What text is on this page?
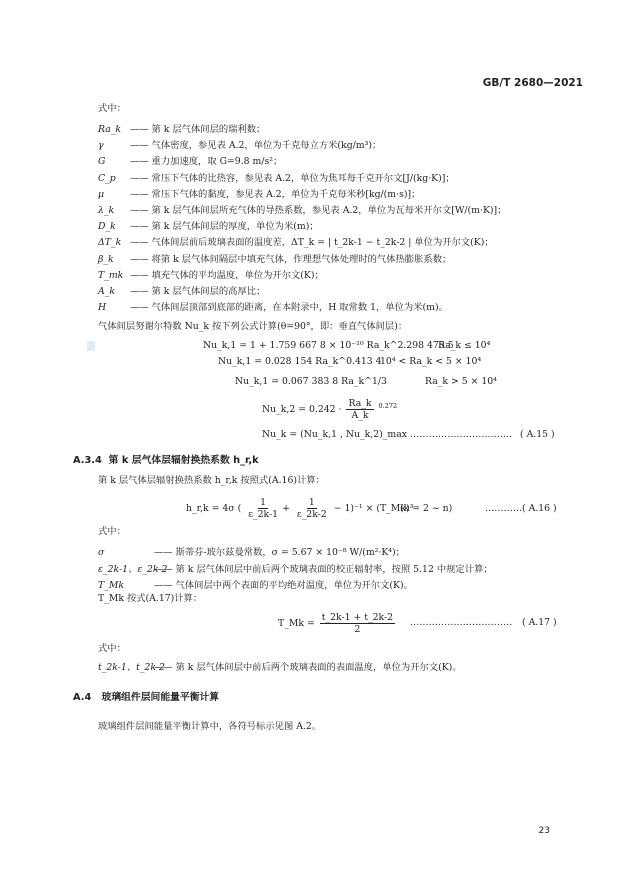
GB/T 2680—2021
式中：
Ra_k —— 第 k 层气体间层的瑞利数；
γ	—— 气体密度，参见表 A.2，单位为千克每立方米(kg/m³)；
G	—— 重力加速度，取 G=9.8 m/s²；
C_p —— 常压下气体的比热容，参见表 A.2，单位为焦耳每千克开尔文[J/(kg·K)]；
μ	—— 常压下气体的黏度，参见表 A.2，单位为千克每米秒[kg/(m·s)]；
λ_k —— 第 k 层气体间层所充气体的导热系数，参见表 A.2，单位为瓦每米开尔文[W/(m·K)]；
D_k —— 第 k 层气体间层的厚度，单位为米(m)；
ΔT_k —— 气体间层前后玻璃表面的温度差，ΔT_k = | t_2k-1 − t_2k-2 | 单位为开尔文(K)；
β_k —— 将第 k 层气体间隔层中填充气体，作理想气体处理时的气体热膨胀系数；
T_mk —— 填充气体的平均温度，单位为开尔文(K)；
A_k —— 第 k 层气体间层的高厚比；
H	—— 气体间层顶部到底部的距离，在本附录中，H 取常数 1，单位为米(m)。
气体间层努谢尔特数 Nu_k 按下列公式计算(θ=90°，即：垂直气体间层)：
Nu_k,1 = 1 + 1.759 667 8 × 10⁻¹⁰ Ra_k^2.298 475 5
Ra_k ≤ 10⁴
Nu_k,1 = 0.028 154 Ra_k^0.413 4
10⁴ < Ra_k < 5 × 10⁴
Nu_k,1 = 0.067 383 8 Ra_k^1/3	Ra_k > 5 × 10⁴
Nu_k,2 = $0.242 \cdot \frac{Ra\_k}{A\_k} ^{0.272}$
Nu_k = (Nu_k,1 , Nu_k,2)_max …………………………… ( A.15 )
A.3.4 第 k 层气体层辐射换热系数 h_r,k
第 k 层气体层辐射换热系数 h_r,k 按照式(A.16)计算：
h_r,k = 4σ ( $\frac{1}{\varepsilon\_2k-1} + \frac{1}{\varepsilon\_2k-2} - 1)^{-1}$ × (T_Mk)³
(k = 2 ~ n)	………… ( A.16 )
式中：
σ	—— 斯蒂芬-玻尔兹曼常数，σ = 5.67 × 10⁻⁸ W/(m²·K⁴)；
ε_2k-1、ε_2k-2—— 第 k 层气体间层中前后两个玻璃表面的校正辐射率，按照 5.12 中规定计算；
T_Mk	—— 气体间层中两个表面的平均绝对温度，单位为开尔文(K)。
T_Mk 按式(A.17)计算：
T_Mk = $\frac{t\_2k-1 + t\_2k-2}{2}$ …………………………… ( A.17 )
式中：
t_2k-1、t_2k-2—— 第 k 层气体间层中前后两个玻璃表面的表面温度，单位为开尔文(K)。
A.4 玻璃组件层间能量平衡计算
玻璃组件层间能量平衡计算中，各符号标示见图 A.2。
23
